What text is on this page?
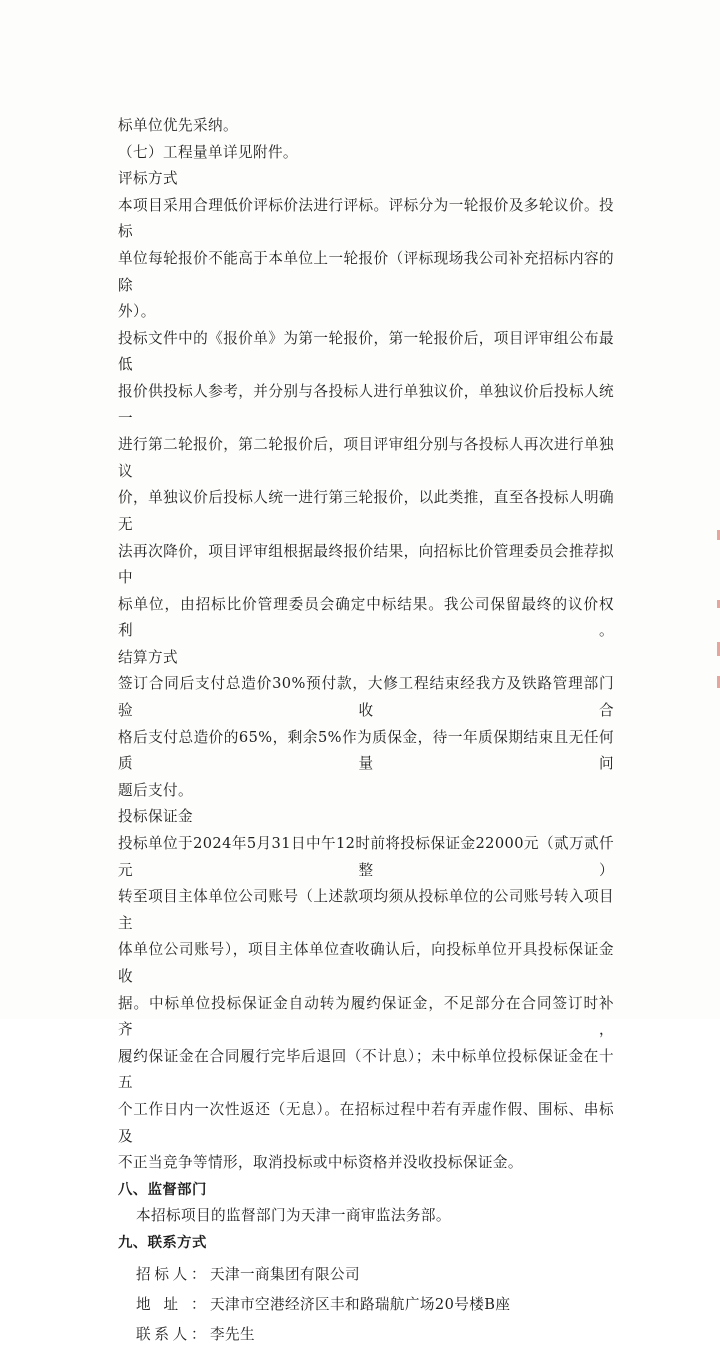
标单位优先采纳。

（七）工程量单详见附件。

评标方式

本项目采用合理低价评标价法进行评标。评标分为一轮报价及多轮议价。投标

单位每轮报价不能高于本单位上一轮报价（评标现场我公司补充招标内容的除

外）。

投标文件中的《报价单》为第一轮报价，第一轮报价后，项目评审组公布最低

报价供投标人参考，并分别与各投标人进行单独议价，单独议价后投标人统一

进行第二轮报价，第二轮报价后，项目评审组分别与各投标人再次进行单独议

价，单独议价后投标人统一进行第三轮报价，以此类推，直至各投标人明确无

法再次降价，项目评审组根据最终报价结果，向招标比价管理委员会推荐拟中

标单位，由招标比价管理委员会确定中标结果。我公司保留最终的议价权利。

结算方式

签订合同后支付总造价30%预付款，大修工程结束经我方及铁路管理部门验收合

格后支付总造价的65%，剩余5%作为质保金，待一年质保期结束且无任何质量问

题后支付。

投标保证金

投标单位于2024年5月31日中午12时前将投标保证金22000元（贰万贰仟元整）

转至项目主体单位公司账号（上述款项均须从投标单位的公司账号转入项目主

体单位公司账号），项目主体单位查收确认后，向投标单位开具投标保证金收

据。中标单位投标保证金自动转为履约保证金，不足部分在合同签订时补齐，

履约保证金在合同履行完毕后退回（不计息）；未中标单位投标保证金在十五

个工作日内一次性返还（无息）。在招标过程中若有弄虚作假、围标、串标及

不正当竞争等情形，取消投标或中标资格并没收投标保证金。

八、监督部门

本招标项目的监督部门为天津一商审监法务部。

九、联系方式

招标人： 天津一商集团有限公司
地址： 天津市空港经济区丰和路瑞航广场20号楼B座
联系人： 李先生
